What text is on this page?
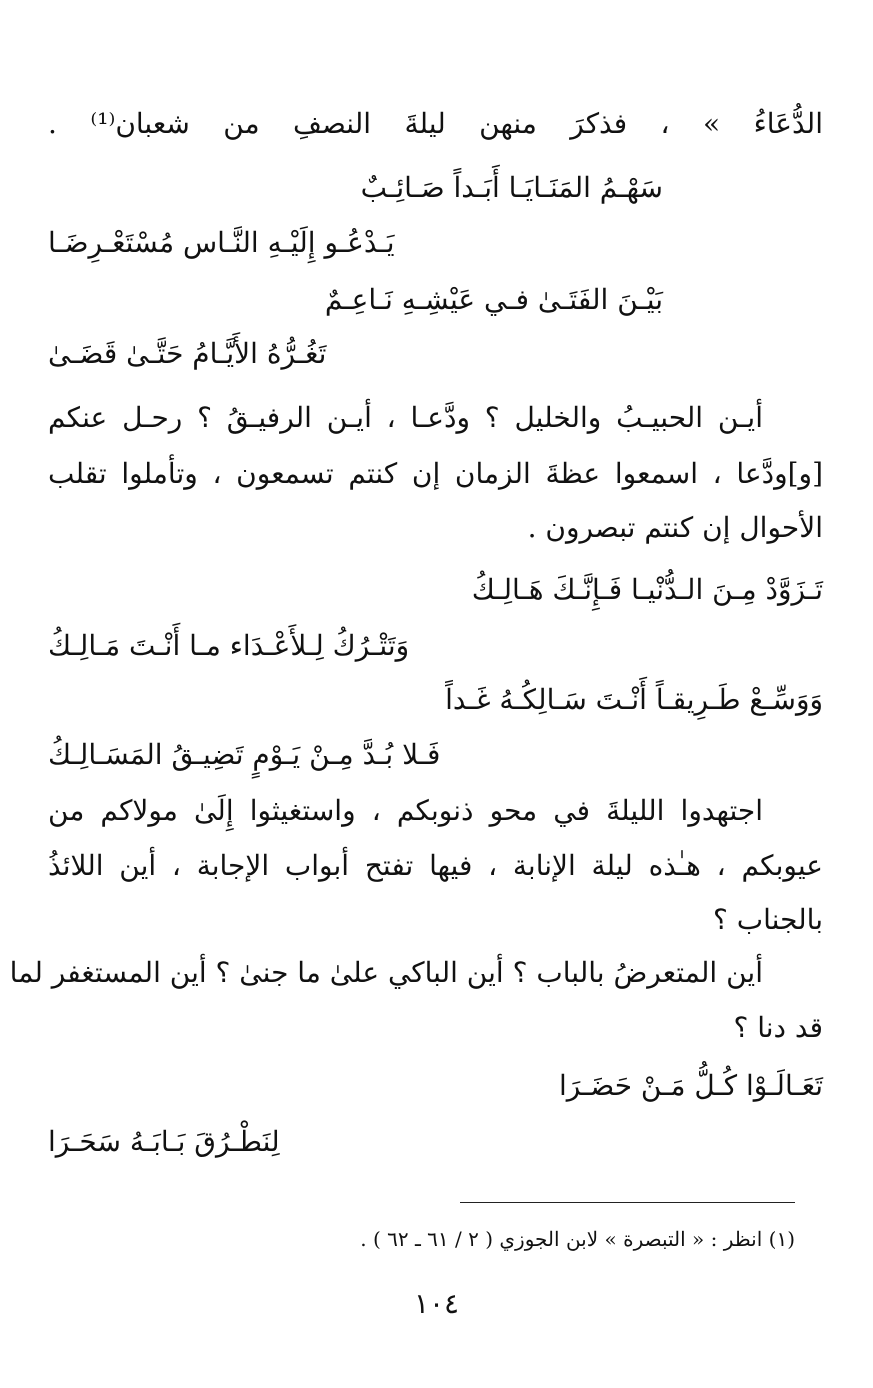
الدُّعَاءُ » ، فذكرَ منهن ليلةَ النصفِ من شعبان⁽¹⁾ .
سَهْـمُ المَنَـايَـا أَبَـداً صَـائِـبٌ
يَـدْعُـو إِلَيْـهِ النَّـاس مُسْتَعْـرِضَـا
بَيْـنَ الفَتَـىٰ فـي عَيْشِـهِ نَـاعِـمٌ
تَغُـرُّهُ الأَيَّـامُ حَتَّـىٰ قَضَـىٰ
أيـن الحبيـبُ والخليل ؟ ودَّعـا ، أيـن الرفيـقُ ؟ رحـل عنكم
[و]ودَّعا ، اسمعوا عظةَ الزمان إن كنتم تسمعون ، وتأملوا تقلب
الأحوال إن كنتم تبصرون .
تَـزَوَّدْ مِـنَ الـدُّنْيـا فَـإِنَّـكَ هَـالِـكُ
وَتَتْـرُكُ لِـلأَعْـدَاء مـا أَنْـتَ مَـالِـكُ
وَوَسِّـعْ طَـرِيقـاً أَنْـتَ سَـالِكُـهُ غَـداً
فَـلا بُـدَّ مِـنْ يَـوْمٍ تَضِيـقُ المَسَـالِـكُ
اجتهدوا الليلةَ في محو ذنوبكم ، واستغيثوا إِلَىٰ مولاكم من
عيوبكم ، هـٰذه ليلة الإنابة ، فيها تفتح أبواب الإجابة ، أين اللائذُ
بالجناب ؟
أين المتعرضُ بالباب ؟ أين الباكي علىٰ ما جنىٰ ؟ أين المستغفر لما
قد دنا ؟
تَعَـالَـوْا كُـلُّ مَـنْ حَضَـرَا
لِنَطْـرُقَ بَـابَـهُ سَحَـرَا
(١) انظر : « التبصرة » لابن الجوزي ( ٢ / ٦١ ـ ٦٢ ) .
١٠٤
